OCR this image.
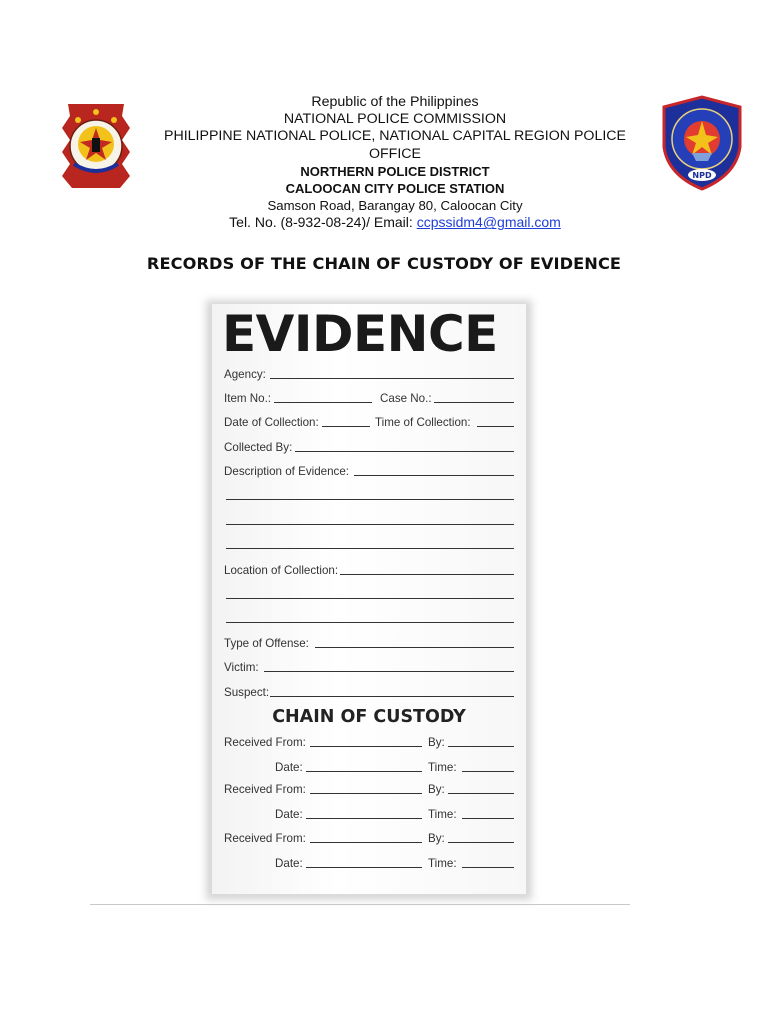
NPD
Republic of the Philippines
NATIONAL POLICE COMMISSION
PHILIPPINE NATIONAL POLICE, NATIONAL CAPITAL REGION POLICE
OFFICE
NORTHERN POLICE DISTRICT
CALOOCAN CITY POLICE STATION
Samson Road, Barangay 80, Caloocan City
Tel. No. (8-932-08-24)/ Email: ccpssidm4@gmail.com
RECORDS OF THE CHAIN OF CUSTODY OF EVIDENCE
EVIDENCE
Agency:
Item No.:	Case No.:
Date of Collection:	Time of Collection:
Collected By:
Description of Evidence:
Location of Collection:
Type of Offense:
Victim:
Suspect:
CHAIN OF CUSTODY
Received From:	By:
Date:	Time:
Received From:	By:
Date:	Time:
Received From:	By:
Date:	Time:
